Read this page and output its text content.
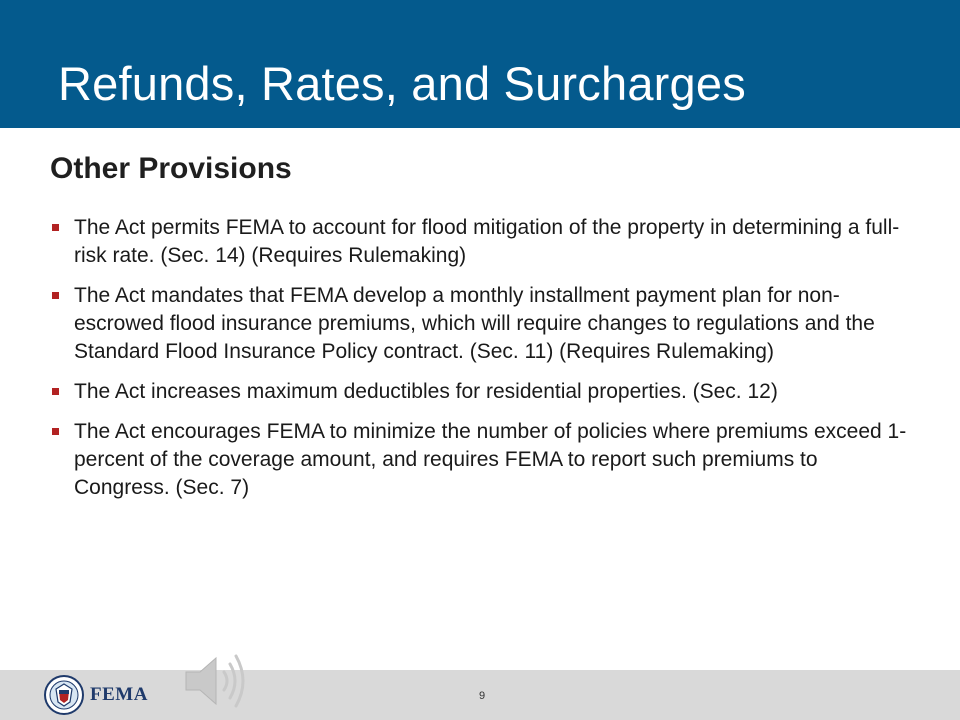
Refunds, Rates, and Surcharges
Other Provisions
The Act permits FEMA to account for flood mitigation of the property in determining a full-risk rate. (Sec. 14) (Requires Rulemaking)
The Act mandates that FEMA develop a monthly installment payment plan for non-escrowed flood insurance premiums, which will require changes to regulations and the Standard Flood Insurance Policy contract. (Sec. 11) (Requires Rulemaking)
The Act increases maximum deductibles for residential properties. (Sec. 12)
The Act encourages FEMA to minimize the number of policies where premiums exceed 1-percent of the coverage amount, and requires FEMA to report such premiums to Congress. (Sec. 7)
FEMA	9
